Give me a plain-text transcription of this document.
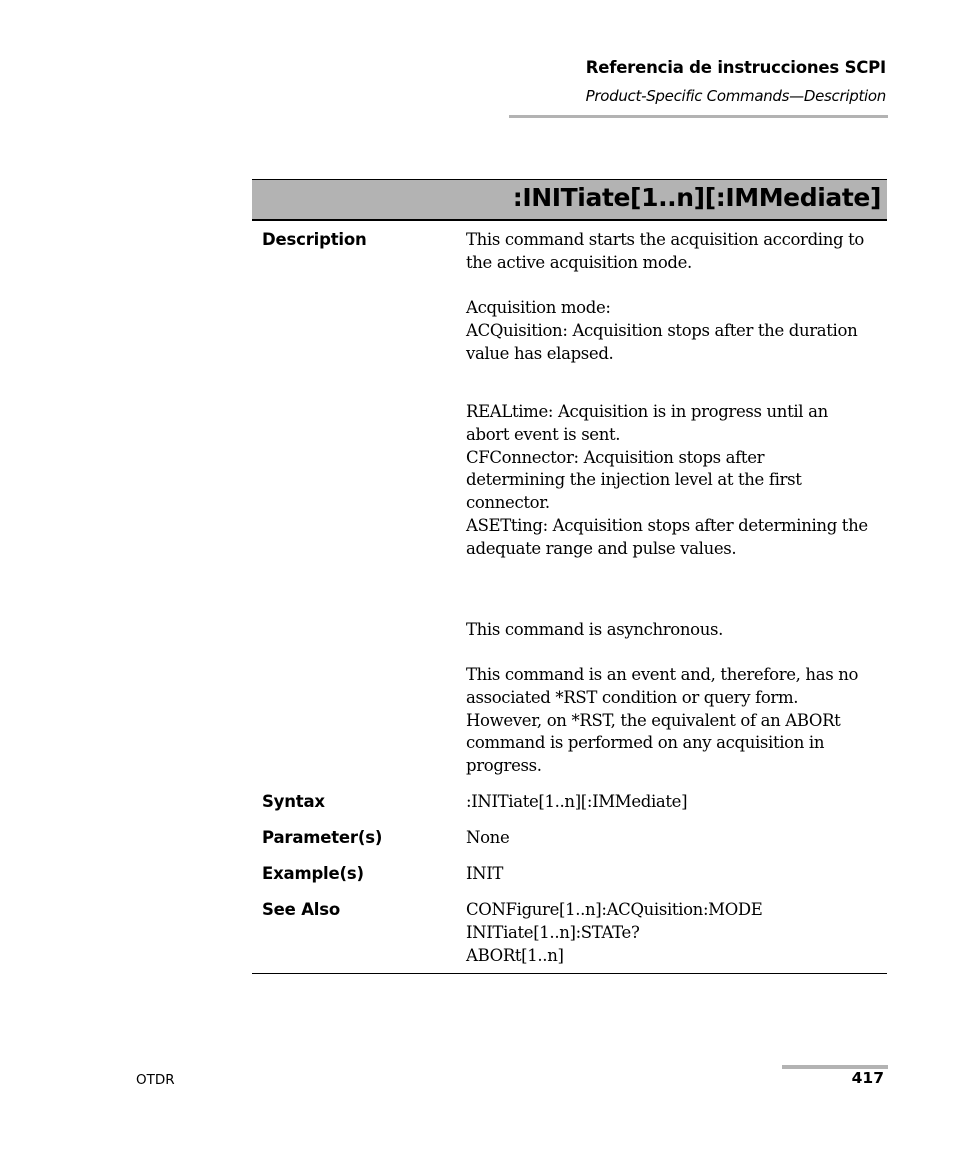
Referencia de instrucciones SCPI
Product-Specific Commands—Description
:INITiate[1..n][:IMMediate]
Description	This command starts the acquisition according to
the active acquisition mode.
Acquisition mode:
ACQuisition: Acquisition stops after the duration
value has elapsed.
REALtime: Acquisition is in progress until an
abort event is sent.
CFConnector: Acquisition stops after
determining the injection level at the first
connector.
ASETting: Acquisition stops after determining the
adequate range and pulse values.
This command is asynchronous.
This command is an event and, therefore, has no
associated *RST condition or query form.
However, on *RST, the equivalent of an ABORt
command is performed on any acquisition in
progress.
Syntax	:INITiate[1..n][:IMMediate]
Parameter(s)	None
Example(s)	INIT
See Also	CONFigure[1..n]:ACQuisition:MODE
INITiate[1..n]:STATe?
ABORt[1..n]
OTDR	417
